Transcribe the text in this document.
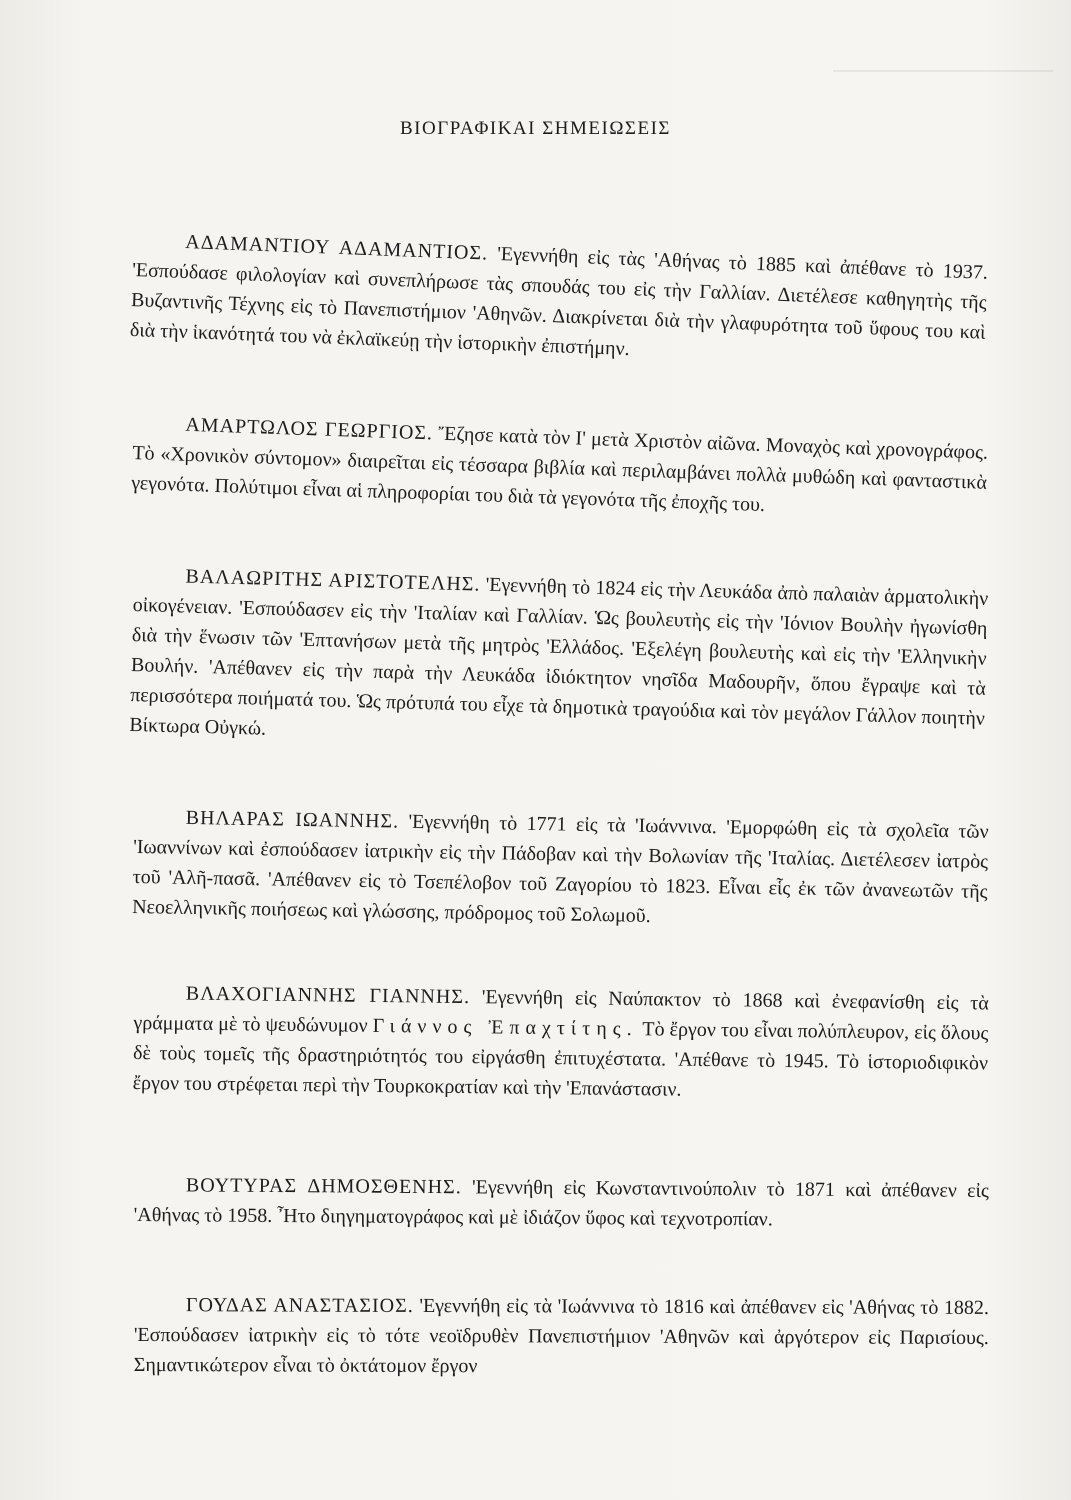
ΒΙΟΓΡΑΦΙΚΑΙ ΣΗΜΕΙΩΣΕΙΣ

ΑΔΑΜΑΝΤΙΟΥ ΑΔΑΜΑΝΤΙΟΣ. 'Εγεννήθη εἰς τὰς 'Αθήνας τὸ 1885 καὶ ἀπέθανε τὸ 1937. 'Εσπούδασε φιλολογίαν καὶ συνεπλήρωσε τὰς σπουδάς του εἰς τὴν Γαλλίαν. Διετέλεσε καθηγητὴς τῆς Βυζαντινῆς Τέχνης εἰς τὸ Πανεπιστήμιον 'Αθηνῶν. Διακρίνεται διὰ τὴν γλαφυρότητα τοῦ ὕφους του καὶ διὰ τὴν ἱκανότητά του νὰ ἐκλαϊκεύῃ τὴν ἱστορικὴν ἐπιστήμην.

ΑΜΑΡΤΩΛΟΣ ΓΕΩΡΓΙΟΣ. Ἔζησε κατὰ τὸν Ι' μετὰ Χριστὸν αἰῶνα. Μοναχὸς καὶ χρονογράφος. Τὸ «Χρονικὸν σύντομον» διαιρεῖται εἰς τέσσαρα βιβλία καὶ περιλαμβάνει πολλὰ μυθώδη καὶ φανταστικὰ γεγονότα. Πολύτιμοι εἶναι αἱ πληροφορίαι του διὰ τὰ γεγονότα τῆς ἐποχῆς του.

ΒΑΛΑΩΡΙΤΗΣ ΑΡΙΣΤΟΤΕΛΗΣ. 'Εγεννήθη τὸ 1824 εἰς τὴν Λευκάδα ἀπὸ παλαιὰν ἁρματολικὴν οἰκογένειαν. 'Εσπούδασεν εἰς τὴν 'Ιταλίαν καὶ Γαλλίαν. Ὡς βουλευτὴς εἰς τὴν 'Ιόνιον Βουλὴν ἠγωνίσθη διὰ τὴν ἕνωσιν τῶν 'Επτανήσων μετὰ τῆς μητρὸς 'Ελλάδος. 'Εξελέγη βουλευτὴς καὶ εἰς τὴν 'Ελληνικὴν Βουλήν. 'Απέθανεν εἰς τὴν παρὰ τὴν Λευκάδα ἰδιόκτητον νησῖδα Μαδουρῆν, ὅπου ἔγραψε καὶ τὰ περισσότερα ποιήματά του. Ὡς πρότυπά του εἶχε τὰ δημοτικὰ τραγούδια καὶ τὸν μεγάλον Γάλλον ποιητὴν Βίκτωρα Οὐγκώ.

ΒΗΛΑΡΑΣ ΙΩΑΝΝΗΣ. 'Εγεννήθη τὸ 1771 εἰς τὰ 'Ιωάννινα. 'Εμορφώθη εἰς τὰ σχολεῖα τῶν 'Ιωαννίνων καὶ ἐσπούδασεν ἰατρικὴν εἰς τὴν Πάδοβαν καὶ τὴν Βολωνίαν τῆς 'Ιταλίας. Διετέλεσεν ἰατρὸς τοῦ 'Αλῆ-πασᾶ. 'Απέθανεν εἰς τὸ Τσεπέλοβον τοῦ Ζαγορίου τὸ 1823. Εἶναι εἷς ἐκ τῶν ἀνανεωτῶν τῆς Νεοελληνικῆς ποιήσεως καὶ γλώσσης, πρόδρομος τοῦ Σολωμοῦ.

ΒΛΑΧΟΓΙΑΝΝΗΣ ΓΙΑΝΝΗΣ. 'Εγεννήθη εἰς Ναύπακτον τὸ 1868 καὶ ἐνεφανίσθη εἰς τὰ γράμματα μὲ τὸ ψευδώνυμον Γιάννος Ἐπαχτίτης. Τὸ ἔργον του εἶναι πολύπλευρον, εἰς ὅλους δὲ τοὺς τομεῖς τῆς δραστηριότητός του εἰργάσθη ἐπιτυχέστατα. 'Απέθανε τὸ 1945. Τὸ ἱστοριοδιφικὸν ἔργον του στρέφεται περὶ τὴν Τουρκοκρατίαν καὶ τὴν 'Επανάστασιν.

ΒΟΥΤΥΡΑΣ ΔΗΜΟΣΘΕΝΗΣ. 'Εγεννήθη εἰς Κωνσταντινούπολιν τὸ 1871 καὶ ἀπέθανεν εἰς 'Αθήνας τὸ 1958. Ἦτο διηγηματογράφος καὶ μὲ ἰδιάζον ὕφος καὶ τεχνοτροπίαν.

ΓΟΥΔΑΣ ΑΝΑΣΤΑΣΙΟΣ. 'Εγεννήθη εἰς τὰ 'Ιωάννινα τὸ 1816 καὶ ἀπέθανεν εἰς 'Αθήνας τὸ 1882. 'Εσπούδασεν ἰατρικὴν εἰς τὸ τότε νεοϊδρυθὲν Πανεπιστήμιον 'Αθηνῶν καὶ ἀργότερον εἰς Παρισίους. Σημαντικώτερον εἶναι τὸ ὀκτάτομον ἔργον
